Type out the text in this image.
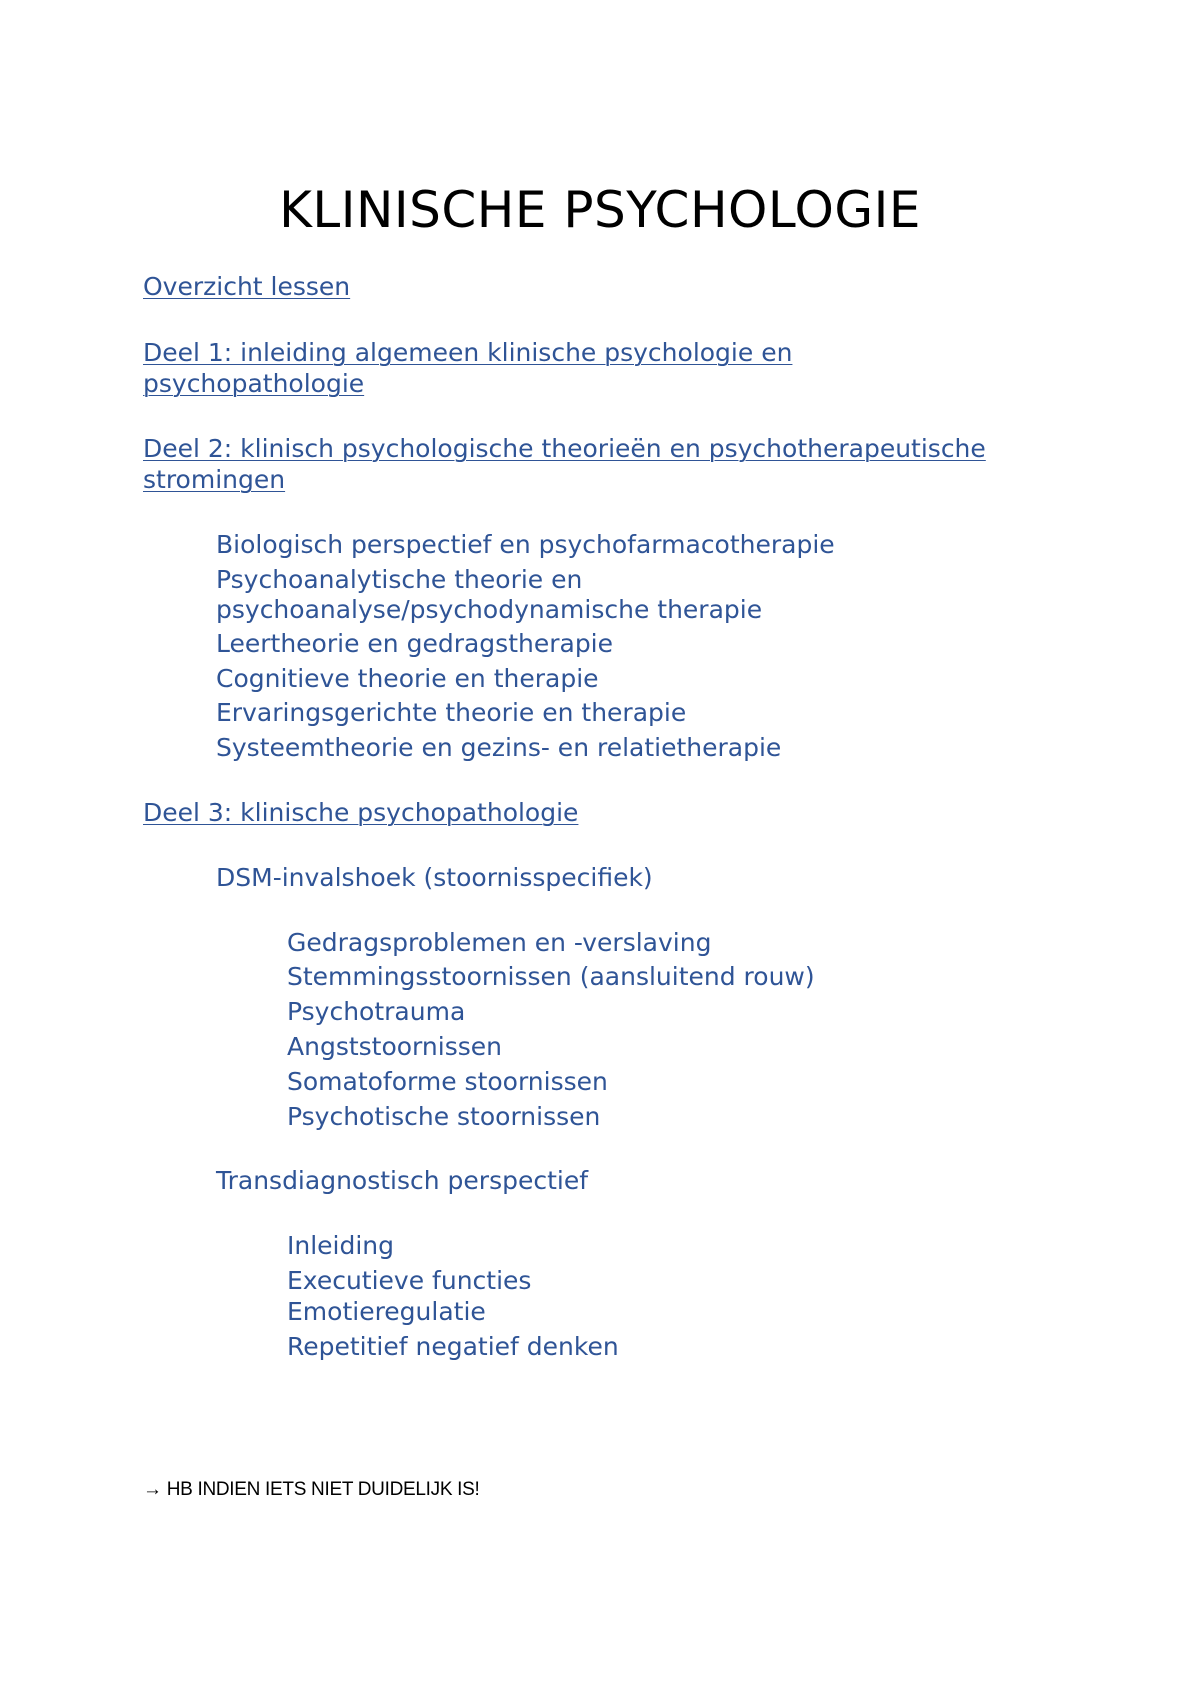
KLINISCHE PSYCHOLOGIE

Overzicht lessen

Deel 1: inleiding algemeen klinische psychologie en

psychopathologie

Deel 2: klinisch psychologische theorieën en psychotherapeutische

stromingen

Biologisch perspectief en psychofarmacotherapie

Psychoanalytische theorie en

psychoanalyse/psychodynamische therapie

Leertheorie en gedragstherapie

Cognitieve theorie en therapie

Ervaringsgerichte theorie en therapie

Systeemtheorie en gezins- en relatietherapie

Deel 3: klinische psychopathologie

DSM-invalshoek (stoornisspecifiek)

Gedragsproblemen en -verslaving

Stemmingsstoornissen (aansluitend rouw)

Psychotrauma

Angststoornissen

Somatoforme stoornissen

Psychotische stoornissen

Transdiagnostisch perspectief

Inleiding

Executieve functies

Emotieregulatie

Repetitief negatief denken

→ HB INDIEN IETS NIET DUIDELIJK IS!
